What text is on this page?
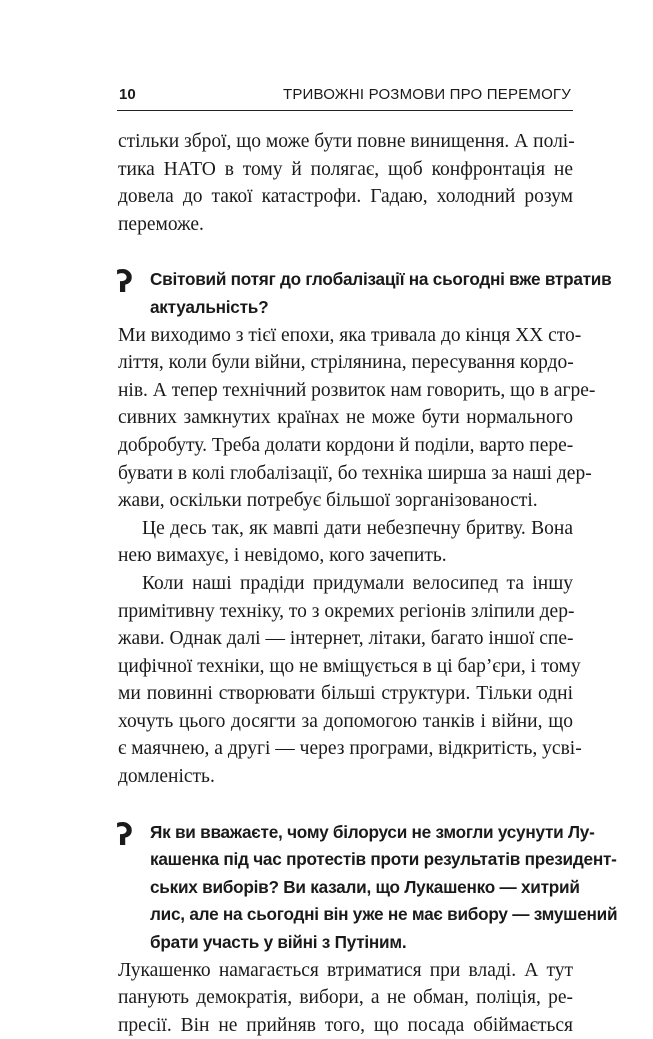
10	ТРИВОЖНІ РОЗМОВИ ПРО ПЕРЕМОГУ
стільки зброї, що може бути повне винищення. А полі-
тика НАТО в тому й полягає, щоб конфронтація не
довела до такої катастрофи. Гадаю, холодний розум
переможе.
ʔ Світовий потяг до глобалізації на сьогодні вже втратив
актуальність?
Ми виходимо з тієї епохи, яка тривала до кінця XX сто-
ліття, коли були війни, стрілянина, пересування кордо-
нів. А тепер технічний розвиток нам говорить, що в агре-
сивних замкнутих країнах не може бути нормального
добробуту. Треба долати кордони й поділи, варто пере-
бувати в колі глобалізації, бо техніка ширша за наші дер-
жави, оскільки потребує більшої зорганізованості.
Це десь так, як мавпі дати небезпечну бритву. Вона
нею вимахує, і невідомо, кого зачепить.
Коли наші прадіди придумали велосипед та іншу
примітивну техніку, то з окремих регіонів зліпили дер-
жави. Однак далі — інтернет, літаки, багато іншої спе-
цифічної техніки, що не вміщується в ці бар’єри, і тому
ми повинні створювати більші структури. Тільки одні
хочуть цього досягти за допомогою танків і війни, що
є маячнею, а другі — через програми, відкритість, усві-
домленість.
ʔ Як ви вважаєте, чому білоруси не змогли усунути Лу-
кашенка під час протестів проти результатів президент-
ських виборів? Ви казали, що Лукашенко — хитрий
лис, але на сьогодні він уже не має вибору — змушений
брати участь у війні з Путіним.
Лукашенко намагається втриматися при владі. А тут
панують демократія, вибори, а не обман, поліція, ре-
пресії. Він не прийняв того, що посада обіймається
